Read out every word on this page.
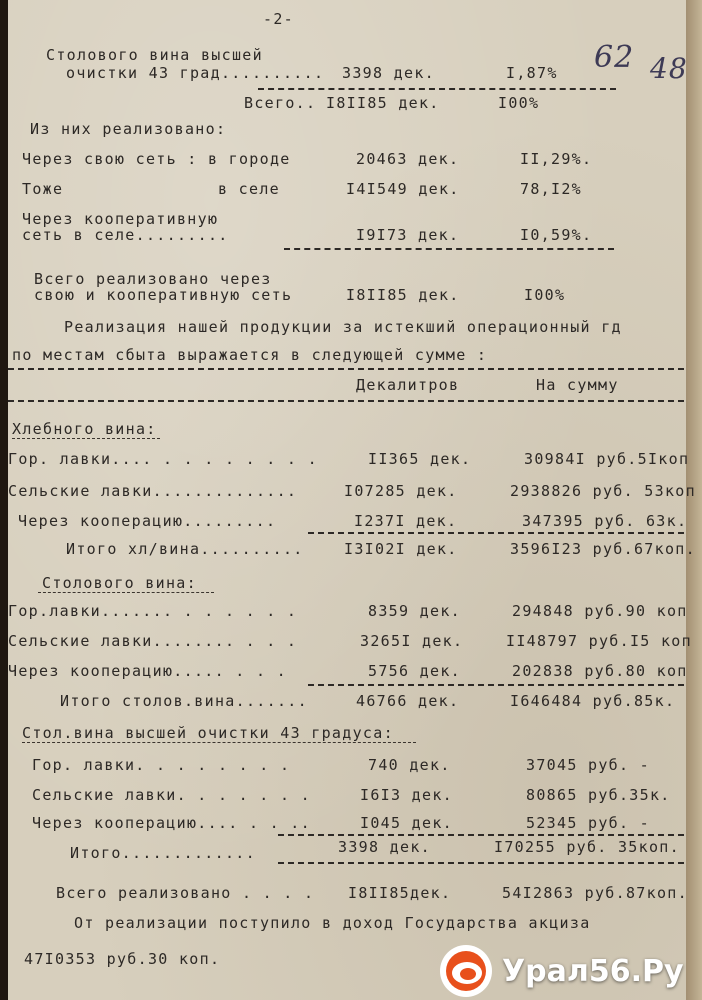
-2-
62 48
Столового вина высшей
очистки 43 град.......... 3398 дек.	I,87%
Всего.. I8II85 дек.	I00%
Из них реализовано:
Через свою сеть : в городе	20463 дек.	II,29%.
Тоже	в селе	I4I549 дек.	78,I2%
Через кооперативную
сеть в селе.........	I9I73 дек.	I0,59%.
Всего реализовано через
свою и кооперативную сеть	I8II85 дек.	I00%
Реализация нашей продукции за истекший операционный гд
по местам сбыта выражается в следующей сумме :
Декалитров	На сумму
Хлебного вина:
Гор. лавки.... . . . . . . . .	II365 дек.	30984I руб.5Iкоп
Сельские лавки..............	I07285 дек.	2938826 руб. 53коп
Через кооперацию.........	I237I дек.	347395 руб. 63к.
Итого хл/вина..........	I3I02I дек.	3596I23 руб.67коп.
Столового вина:
Гор.лавки....... . . . . . .	8359 дек.	294848 руб.90 коп
Сельские лавки........ . . .	3265I дек.	II48797 руб.I5 коп
Через кооперацию..... . . .	5756 дек.	202838 руб.80 коп
Итого столов.вина.......	46766 дек.	I646484 руб.85к.
Стол.вина высшей очистки 43 градуса:
Гор. лавки. . . . . . . .	740 дек.	37045 руб. -
Сельские лавки. . . . . . .	I6I3 дек.	80865 руб.35к.
Через кооперацию.... . . ..	I045 дек.	52345 руб. -
Итого.............	3398 дек.	I70255 руб. 35коп.
Всего реализовано . . . . I8II85дек.	54I2863 руб.87коп.
От реализации поступило в доход Государства акциза
47I0353 руб.30 коп.	Урал56.Ру
